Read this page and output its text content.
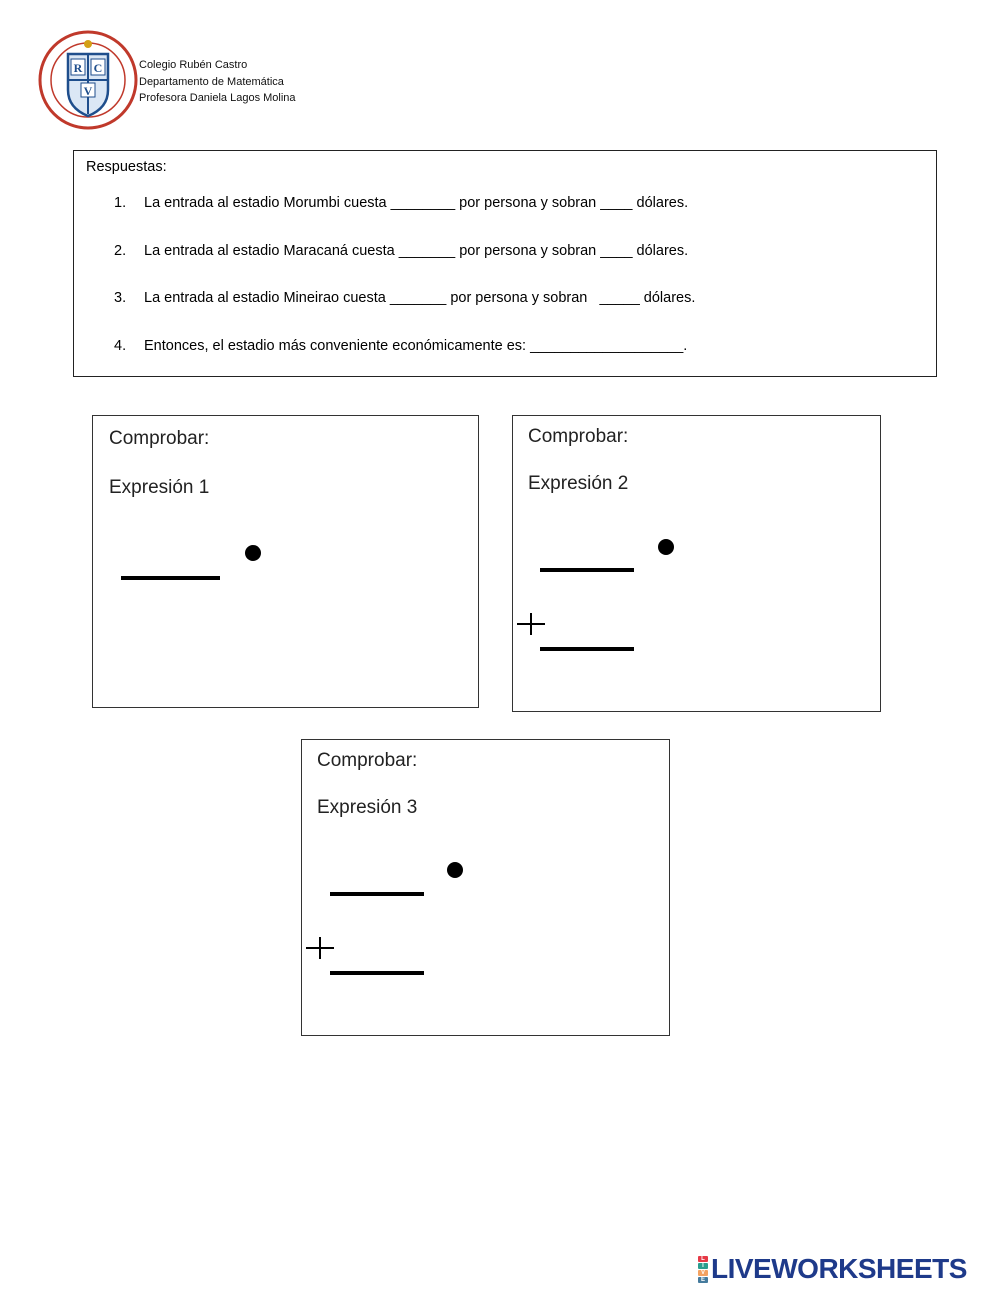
R C
V
Colegio Rubén Castro
Departamento de Matemática
Profesora Daniela Lagos Molina
Respuestas:
1. La entrada al estadio Morumbi cuesta ________ por persona y sobran ____ dólares.
2. La entrada al estadio Maracaná cuesta _______ por persona y sobran ____ dólares.
3. La entrada al estadio Mineirao cuesta _______ por persona y sobran   _____ dólares.
4. Entonces, el estadio más conveniente económicamente es: ___________________.
Comprobar:
Expresión 1
Comprobar:
Expresión 2
Comprobar:
Expresión 3
L
I
V
E LIVEWORKSHEETS
